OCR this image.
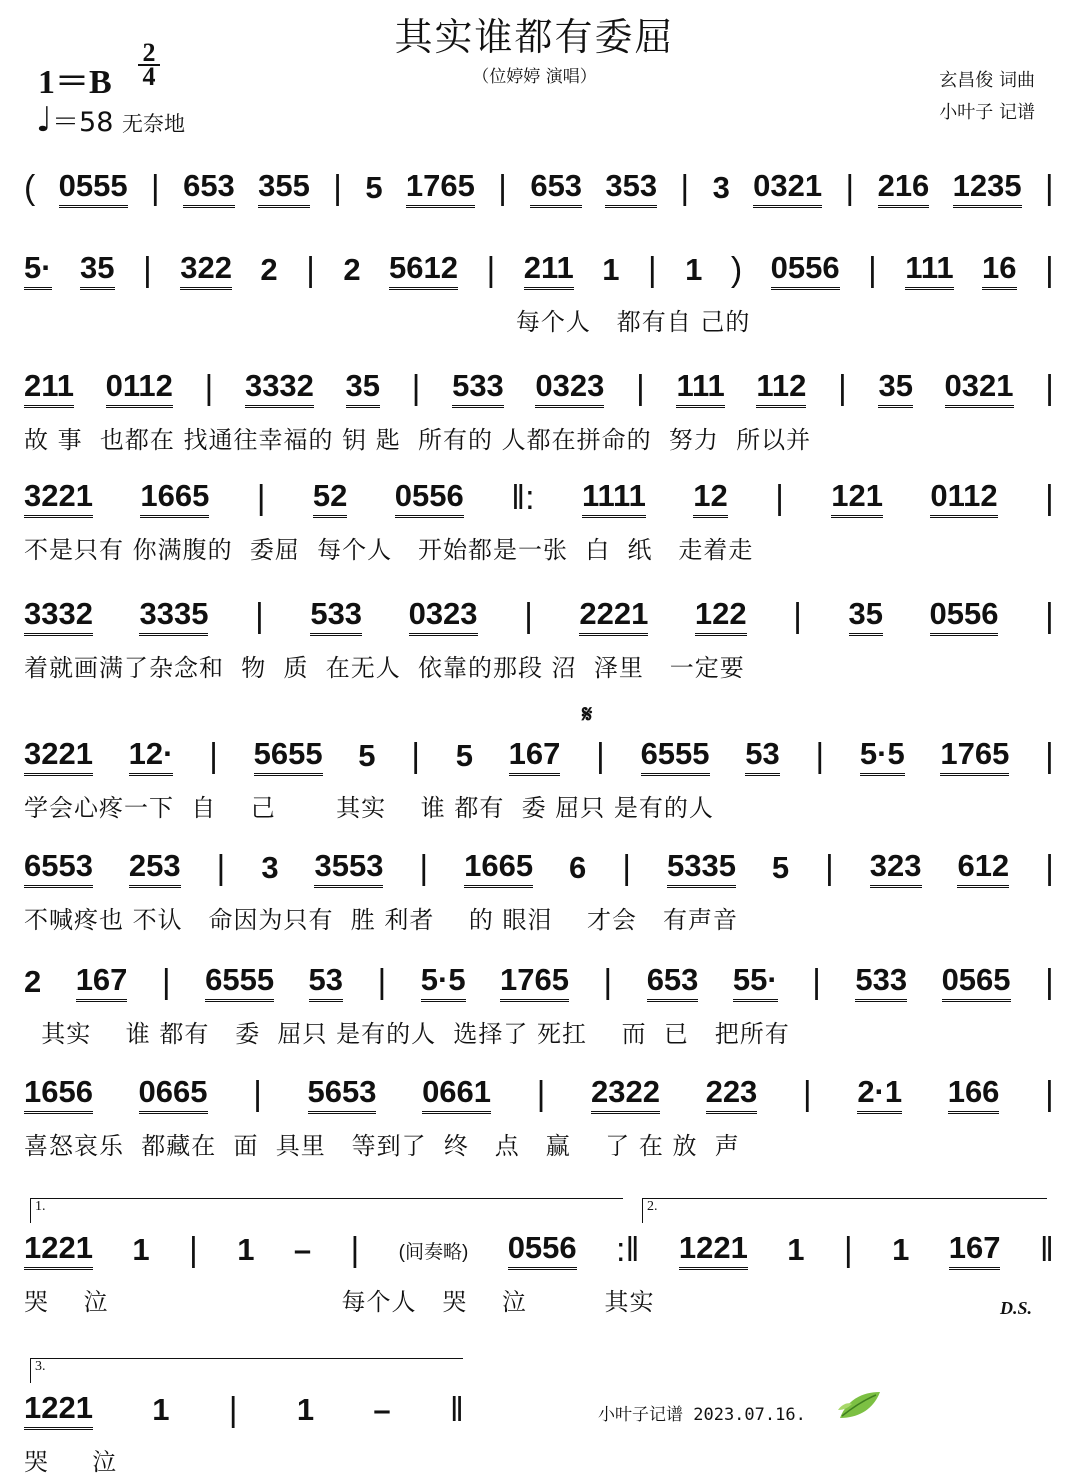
其实谁都有委屈
（位婷婷 演唱）
1＝B
2
4
♩＝58 无奈地
玄昌俊 词曲
小叶子 记谱
( 0555 | 653 355 | 5 1765 | 653 353 | 3 0321 | 216 1235 |
5· 35 | 322 2 | 2 5612 | 211 1 | 1 ) 0556 | 111 16 |
每个人   都有自 己的
211 0112 | 3332 35 | 533 0323 | 111 112 | 35 0321 |
故 事  也都在 找通往幸福的 钥 匙  所有的 人都在拼命的  努力  所以并
3221 1665 | 52 0556 ‖: 1111 12 | 121 0112 |
不是只有 你满腹的  委屈  每个人   开始都是一张  白  纸   走着走
3332 3335 | 533 0323 | 2221 122 | 35 0556 |
着就画满了杂念和  物  质  在无人  依靠的那段 沼  泽里   一定要
3221 12· | 5655 5 | 5 167 | 6555 53 | 5·5 1765 |
学会心疼一下  自    己       其实    谁 都有  委 屈只 是有的人
6553 253 | 3 3553 | 1665 6 | 5335 5 | 323 612 |
不喊疼也 不认   命因为只有  胜 利者    的 眼泪    才会   有声音
2 167 | 6555 53 | 5·5 1765 | 653 55· | 533 0565 |
其实    谁 都有   委  屈只 是有的人  选择了 死扛    而  已   把所有
1656 0665 | 5653 0661 | 2322 223 | 2·1 166 |
喜怒哀乐  都藏在  面  具里   等到了  终   点   赢    了 在 放  声
1221 1 | 1 – | (间奏略) 0556 :‖ 1221 1 | 1 167 ‖
哭    泣                           每个人   哭    泣         其实
1221 1 | 1 – ‖
哭     泣
𝄋
D.S.
1.	2.
3.
小叶子记谱 2023.07.16.
